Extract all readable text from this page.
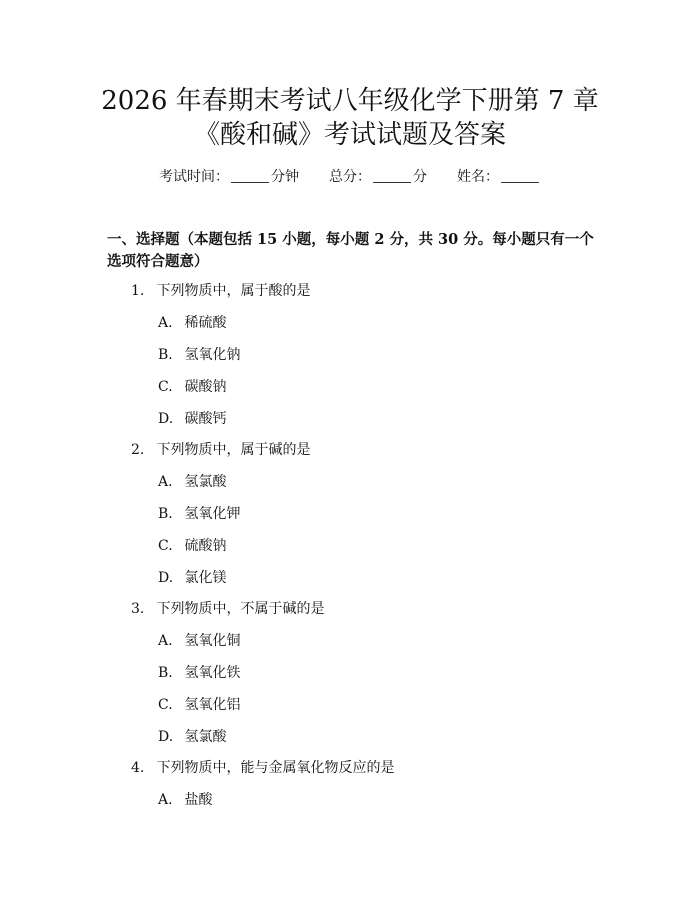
2026 年春期末考试八年级化学下册第 7 章
《酸和碱》考试试题及答案
考试时间：	分钟 总分：	分 姓名：
一、选择题（本题包括 15 小题，每小题 2 分，共 30 分。每小题只有一个选项符合题意）
1. 下列物质中，属于酸的是
A. 稀硫酸
B. 氢氧化钠
C. 碳酸钠
D. 碳酸钙
2. 下列物质中，属于碱的是
A. 氢氯酸
B. 氢氧化钾
C. 硫酸钠
D. 氯化镁
3. 下列物质中，不属于碱的是
A. 氢氧化铜
B. 氢氧化铁
C. 氢氧化铝
D. 氢氯酸
4. 下列物质中，能与金属氧化物反应的是
A. 盐酸
